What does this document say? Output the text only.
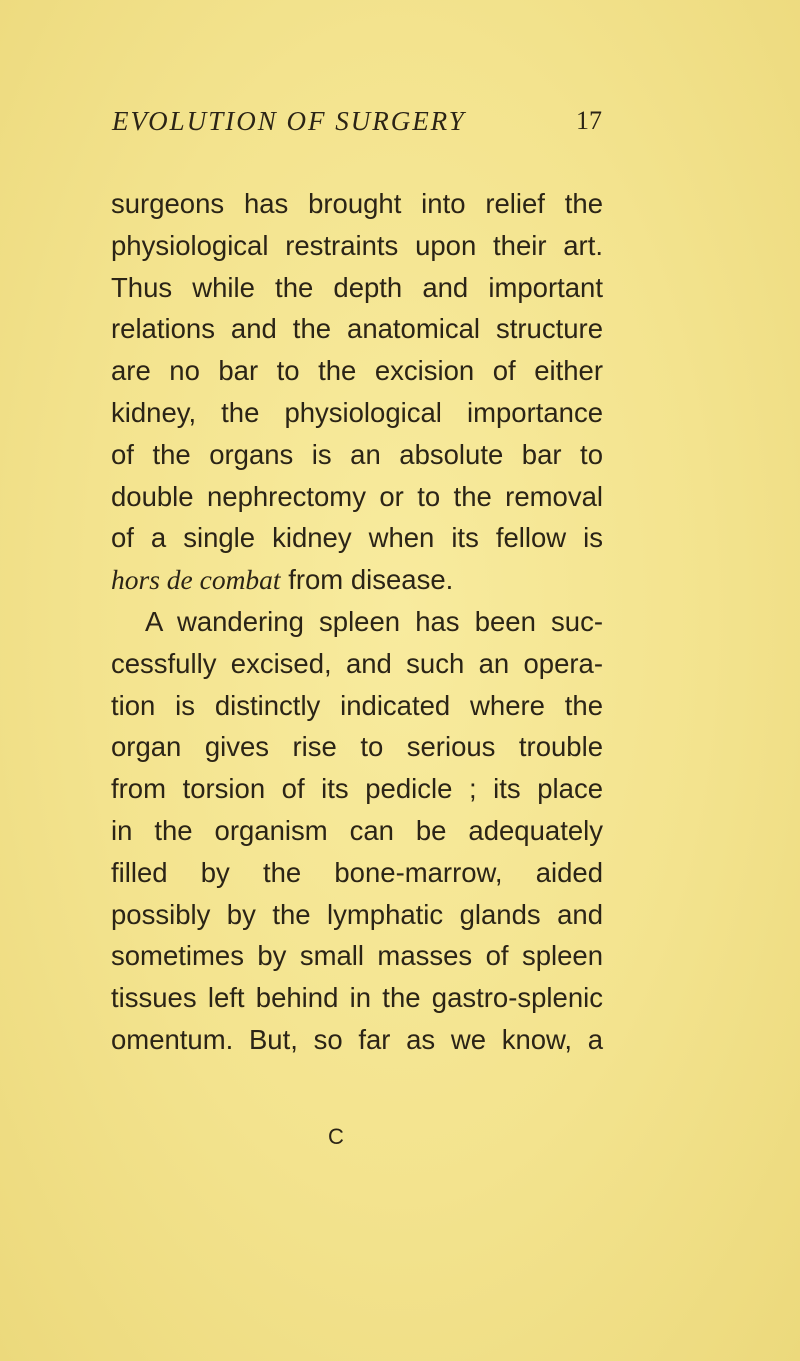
EVOLUTION OF SURGERY	17
surgeons has brought into relief the
physiological restraints upon their art.
Thus while the depth and important
relations and the anatomical structure
are no bar to the excision of either
kidney, the physiological importance
of the organs is an absolute bar to
double nephrectomy or to the removal
of a single kidney when its fellow is
hors de combat from disease.
A wandering spleen has been suc-
cessfully excised, and such an opera-
tion is distinctly indicated where the
organ gives rise to serious trouble
from torsion of its pedicle ; its place
in the organism can be adequately
filled by the bone-marrow, aided
possibly by the lymphatic glands and
sometimes by small masses of spleen
tissues left behind in the gastro-splenic
omentum. But, so far as we know, a
C
